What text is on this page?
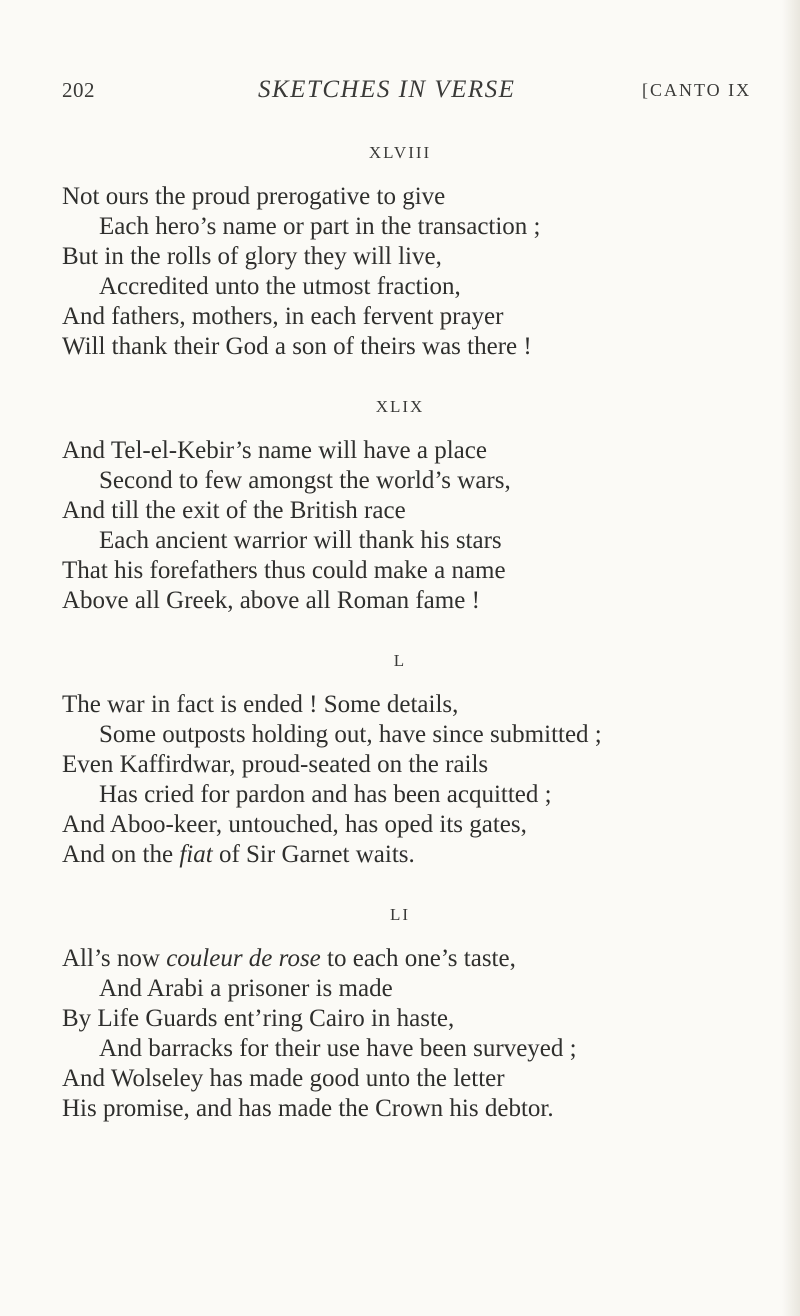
202	SKETCHES IN VERSE	[CANTO IX
XLVIII
Not ours the proud prerogative to give
Each hero’s name or part in the transaction ;
But in the rolls of glory they will live,
Accredited unto the utmost fraction,
And fathers, mothers, in each fervent prayer
Will thank their God a son of theirs was there !
XLIX
And Tel-el-Kebir’s name will have a place
Second to few amongst the world’s wars,
And till the exit of the British race
Each ancient warrior will thank his stars
That his forefathers thus could make a name
Above all Greek, above all Roman fame !
L
The war in fact is ended ! Some details,
Some outposts holding out, have since submitted ;
Even Kaffirdwar, proud-seated on the rails
Has cried for pardon and has been acquitted ;
And Aboo-keer, untouched, has oped its gates,
And on the fiat of Sir Garnet waits.
LI
All’s now couleur de rose to each one’s taste,
And Arabi a prisoner is made
By Life Guards ent’ring Cairo in haste,
And barracks for their use have been surveyed ;
And Wolseley has made good unto the letter
His promise, and has made the Crown his debtor.
